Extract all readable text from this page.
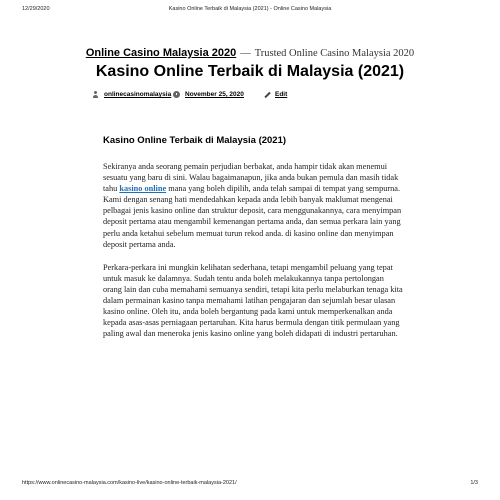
12/29/2020	Kasino Online Terbaik di Malaysia (2021) - Online Casino Malaysia
Online Casino Malaysia 2020 — Trusted Online Casino Malaysia 2020
Kasino Online Terbaik di Malaysia (2021)
onlinecasinomalaysia November 25, 2020	Edit
Kasino Online Terbaik di Malaysia (2021)

Sekiranya anda seorang pemain perjudian berbakat, anda hampir tidak akan menemui sesuatu yang baru di sini. Walau bagaimanapun, jika anda bukan pemula dan masih tidak tahu kasino online mana yang boleh dipilih, anda telah sampai di tempat yang sempurna. Kami dengan senang hati mendedahkan kepada anda lebih banyak maklumat mengenai pelbagai jenis kasino online dan struktur deposit, cara menggunakannya, cara menyimpan deposit pertama atau mengambil kemenangan pertama anda, dan semua perkara lain yang perlu anda ketahui sebelum memuat turun rekod anda. di kasino online dan menyimpan deposit pertama anda.

Perkara-perkara ini mungkin kelihatan sederhana, tetapi mengambil peluang yang tepat untuk masuk ke dalamnya. Sudah tentu anda boleh melakukannya tanpa pertolongan orang lain dan cuba memahami semuanya sendiri, tetapi kita perlu melaburkan tenaga kita dalam permainan kasino tanpa memahami latihan pengajaran dan sejumlah besar ulasan kasino online. Oleh itu, anda boleh bergantung pada kami untuk memperkenalkan anda kepada asas-asas perniagaan pertaruhan. Kita harus bermula dengan titik permulaan yang paling awal dan meneroka jenis kasino online yang boleh didapati di industri pertaruhan.

https://www.onlinecasino-malaysia.com/kasino-live/kasino-online-terbaik-malaysia-2021/	1/3
